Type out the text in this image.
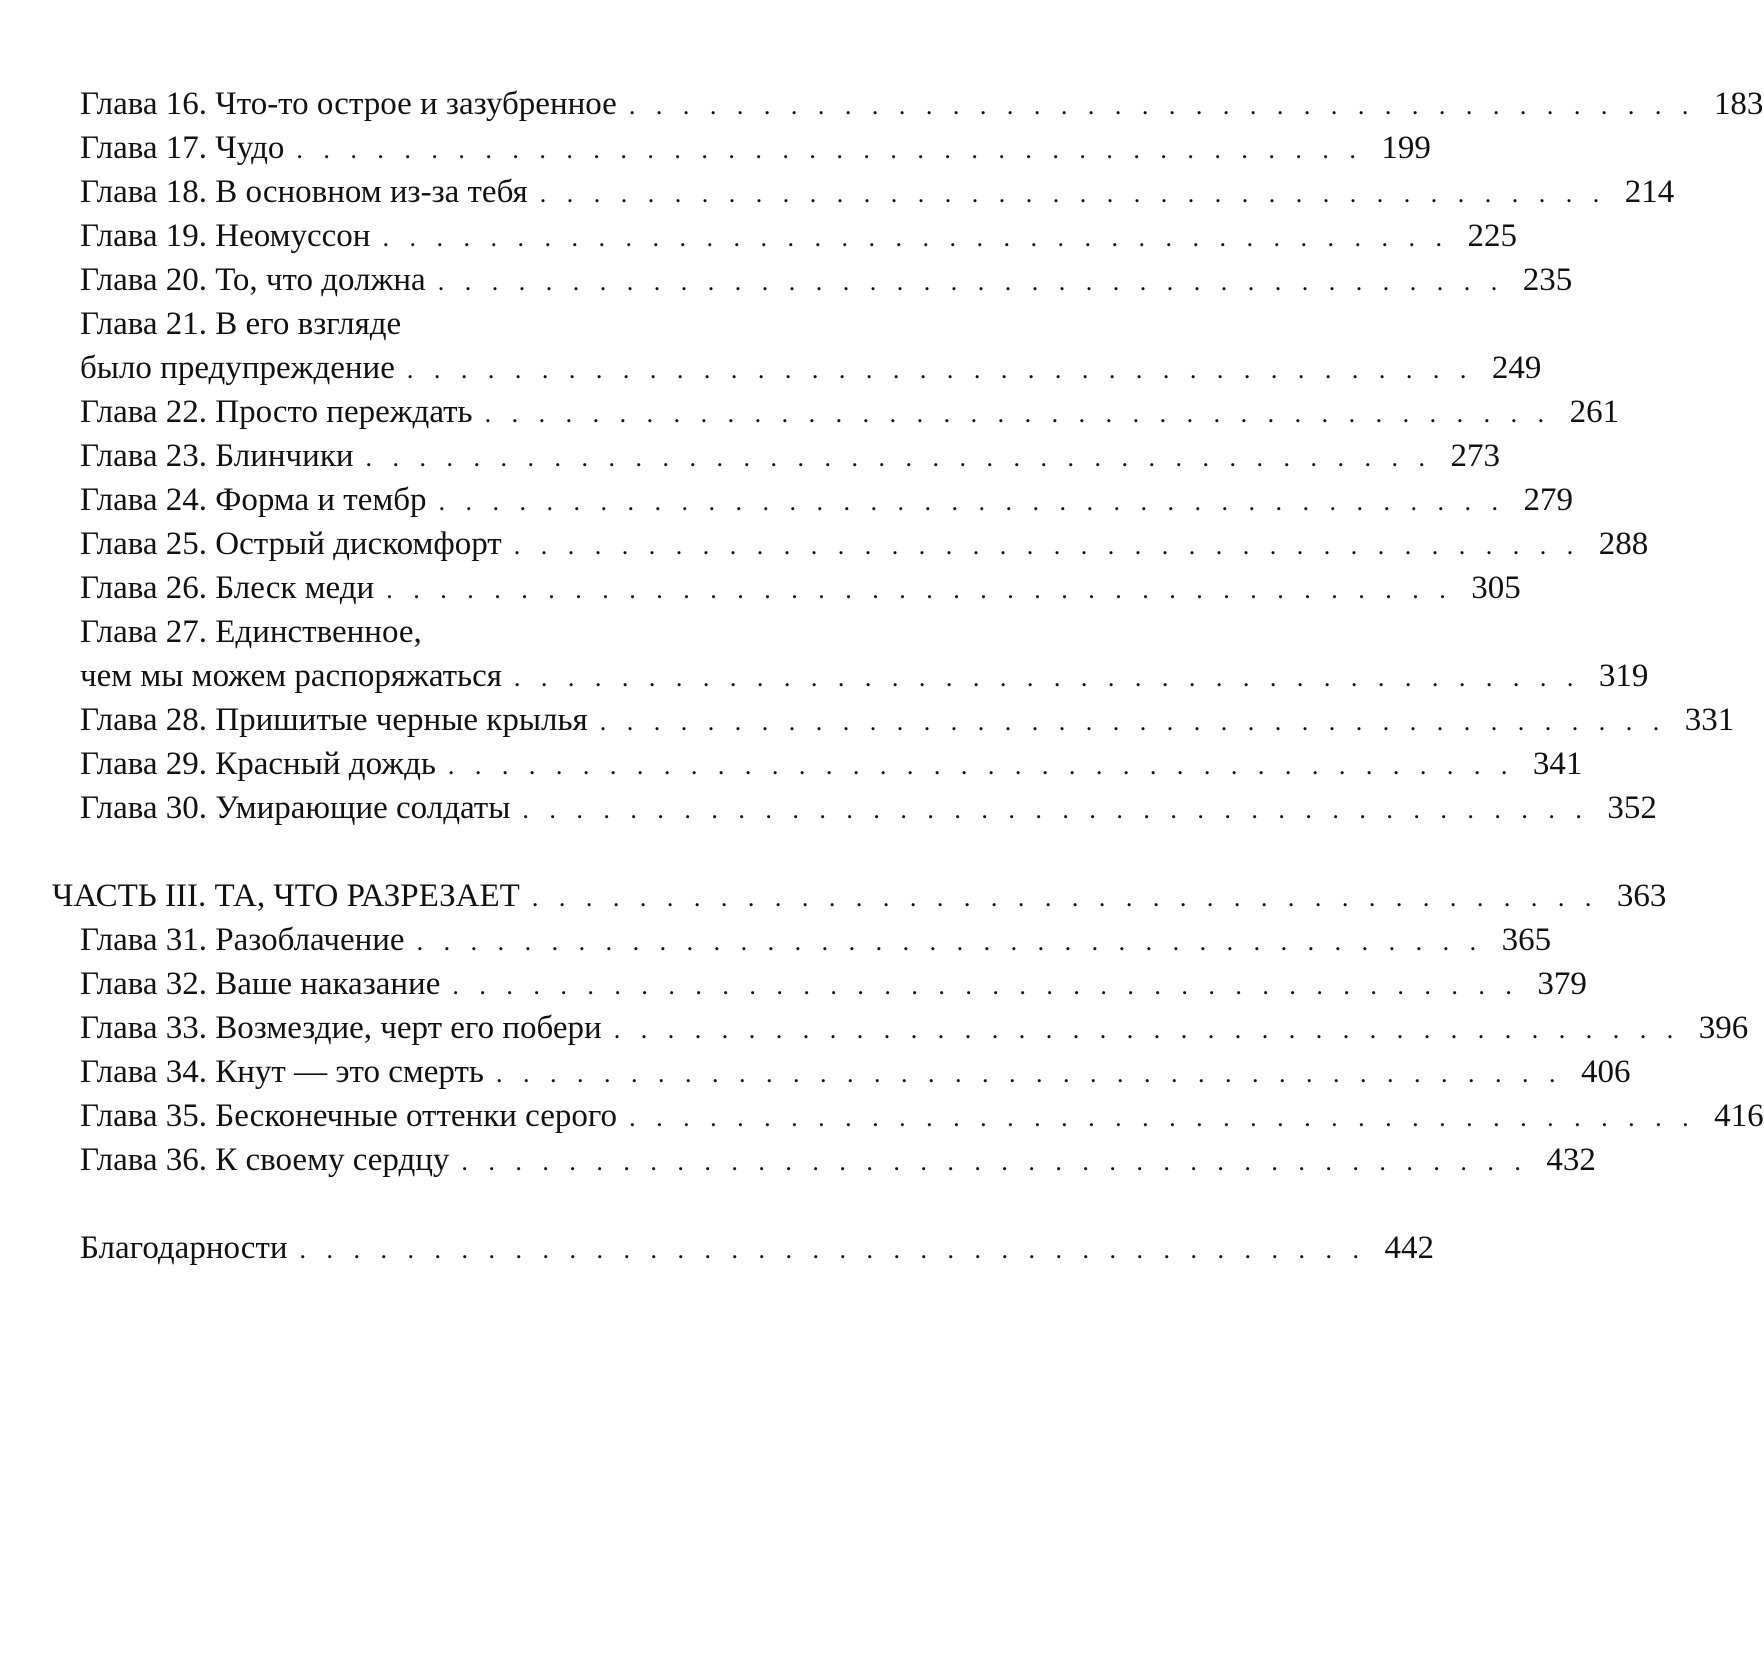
Глава 16. Что-то острое и зазубренное . . . . . . . . . . . . . . . . . . . . . . . . . . . . . . . . . . . . . . . . 183
Глава 17. Чудо . . . . . . . . . . . . . . . . . . . . . . . . . . . . . . . . . . . . . . . . 199
Глава 18. В основном из-за тебя . . . . . . . . . . . . . . . . . . . . . . . . . . . . . . . . . . . . . . . . 214
Глава 19. Неомуссон . . . . . . . . . . . . . . . . . . . . . . . . . . . . . . . . . . . . . . . . 225
Глава 20. То, что должна . . . . . . . . . . . . . . . . . . . . . . . . . . . . . . . . . . . . . . . . 235
Глава 21. В его взгляде
было предупреждение . . . . . . . . . . . . . . . . . . . . . . . . . . . . . . . . . . . . . . . . 249
Глава 22. Просто переждать . . . . . . . . . . . . . . . . . . . . . . . . . . . . . . . . . . . . . . . . 261
Глава 23. Блинчики . . . . . . . . . . . . . . . . . . . . . . . . . . . . . . . . . . . . . . . . 273
Глава 24. Форма и тембр . . . . . . . . . . . . . . . . . . . . . . . . . . . . . . . . . . . . . . . . 279
Глава 25. Острый дискомфорт . . . . . . . . . . . . . . . . . . . . . . . . . . . . . . . . . . . . . . . . 288
Глава 26. Блеск меди . . . . . . . . . . . . . . . . . . . . . . . . . . . . . . . . . . . . . . . . 305
Глава 27. Единственное,
чем мы можем распоряжаться . . . . . . . . . . . . . . . . . . . . . . . . . . . . . . . . . . . . . . . . 319
Глава 28. Пришитые черные крылья . . . . . . . . . . . . . . . . . . . . . . . . . . . . . . . . . . . . . . . . 331
Глава 29. Красный дождь . . . . . . . . . . . . . . . . . . . . . . . . . . . . . . . . . . . . . . . . 341
Глава 30. Умирающие солдаты . . . . . . . . . . . . . . . . . . . . . . . . . . . . . . . . . . . . . . . . 352
ЧАСТЬ III. ТА, ЧТО РАЗРЕЗАЕТ . . . . . . . . . . . . . . . . . . . . . . . . . . . . . . . . . . . . . . . . 363
Глава 31. Разоблачение . . . . . . . . . . . . . . . . . . . . . . . . . . . . . . . . . . . . . . . . 365
Глава 32. Ваше наказание . . . . . . . . . . . . . . . . . . . . . . . . . . . . . . . . . . . . . . . . 379
Глава 33. Возмездие, черт его побери . . . . . . . . . . . . . . . . . . . . . . . . . . . . . . . . . . . . . . . . 396
Глава 34. Кнут — это смерть . . . . . . . . . . . . . . . . . . . . . . . . . . . . . . . . . . . . . . . . 406
Глава 35. Бесконечные оттенки серого . . . . . . . . . . . . . . . . . . . . . . . . . . . . . . . . . . . . . . . . 416
Глава 36. К своему сердцу . . . . . . . . . . . . . . . . . . . . . . . . . . . . . . . . . . . . . . . . 432
Благодарности . . . . . . . . . . . . . . . . . . . . . . . . . . . . . . . . . . . . . . . . 442
